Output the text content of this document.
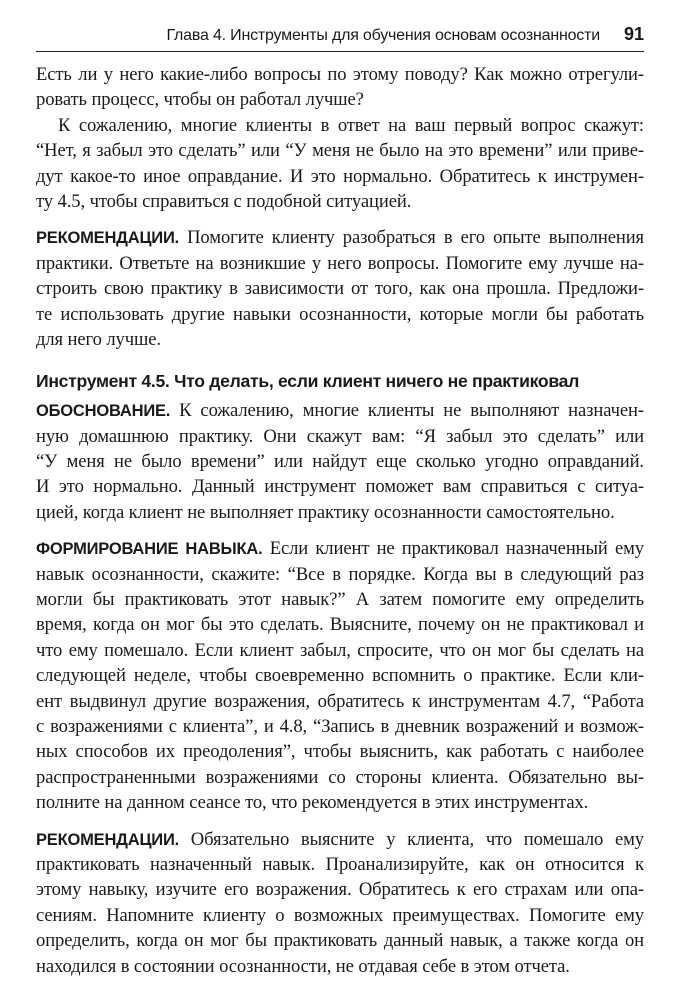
Глава 4. Инструменты для обучения основам осознанности 91
Есть ли у него какие-либо вопросы по этому поводу? Как можно отрегули-
ровать процесс, чтобы он работал лучше?
К сожалению, многие клиенты в ответ на ваш первый вопрос скажут:
“Нет, я забыл это сделать” или “У меня не было на это времени” или приве-
дут какое-то иное оправдание. И это нормально. Обратитесь к инструмен-
ту 4.5, чтобы справиться с подобной ситуацией.
РЕКОМЕНДАЦИИ. Помогите клиенту разобраться в его опыте выполнения
практики. Ответьте на возникшие у него вопросы. Помогите ему лучше на-
строить свою практику в зависимости от того, как она прошла. Предложи-
те использовать другие навыки осознанности, которые могли бы работать
для него лучше.
Инструмент 4.5. Что делать, если клиент ничего не практиковал
ОБОСНОВАНИЕ. К сожалению, многие клиенты не выполняют назначен-
ную домашнюю практику. Они скажут вам: “Я забыл это сделать” или
“У меня не было времени” или найдут еще сколько угодно оправданий.
И это нормально. Данный инструмент поможет вам справиться с ситуа-
цией, когда клиент не выполняет практику осознанности самостоятельно.
ФОРМИРОВАНИЕ НАВЫКА. Если клиент не практиковал назначенный ему
навык осознанности, скажите: “Все в порядке. Когда вы в следующий раз
могли бы практиковать этот навык?” А затем помогите ему определить
время, когда он мог бы это сделать. Выясните, почему он не практиковал и
что ему помешало. Если клиент забыл, спросите, что он мог бы сделать на
следующей неделе, чтобы своевременно вспомнить о практике. Если кли-
ент выдвинул другие возражения, обратитесь к инструментам 4.7, “Работа
с возражениями с клиента”, и 4.8, “Запись в дневник возражений и возмож-
ных способов их преодоления”, чтобы выяснить, как работать с наиболее
распространенными возражениями со стороны клиента. Обязательно вы-
полните на данном сеансе то, что рекомендуется в этих инструментах.
РЕКОМЕНДАЦИИ. Обязательно выясните у клиента, что помешало ему
практиковать назначенный навык. Проанализируйте, как он относится к
этому навыку, изучите его возражения. Обратитесь к его страхам или опа-
сениям. Напомните клиенту о возможных преимуществах. Помогите ему
определить, когда он мог бы практиковать данный навык, а также когда он
находился в состоянии осознанности, не отдавая себе в этом отчета.
